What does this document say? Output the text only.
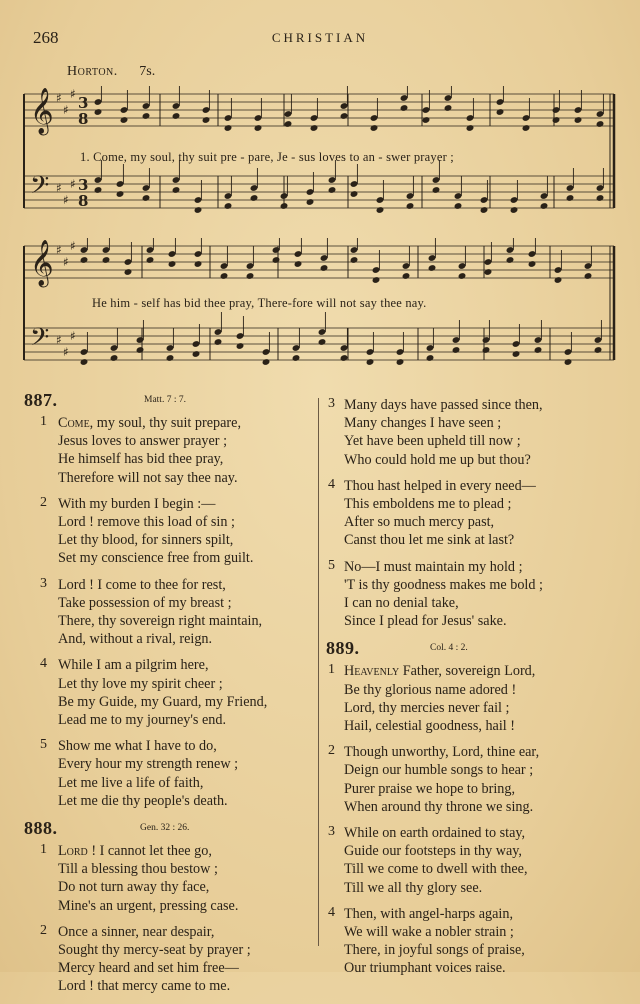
268	CHRISTIAN
Horton. 7s.
𝄞 ♯
♯
♯ 3
8
𝄢 ♯
♯
♯ 3
8
1. Come, my soul, thy suit pre - pare, Je - sus loves to an - swer prayer ;
𝄞 ♯
♯
♯
𝄢 ♯
♯
♯
He him - self has bid thee pray, There-fore will not say thee nay.
887.	Matt. 7 : 7.
1 Come, my soul, thy suit prepare,
Jesus loves to answer prayer ;
He himself has bid thee pray,
Therefore will not say thee nay.
2 With my burden I begin :—
Lord ! remove this load of sin ;
Let thy blood, for sinners spilt,
Set my conscience free from guilt.
3 Lord ! I come to thee for rest,
Take possession of my breast ;
There, thy sovereign right maintain,
And, without a rival, reign.
4 While I am a pilgrim here,
Let thy love my spirit cheer ;
Be my Guide, my Guard, my Friend,
Lead me to my journey's end.
5 Show me what I have to do,
Every hour my strength renew ;
Let me live a life of faith,
Let me die thy people's death.
888.	Gen. 32 : 26.
1 Lord ! I cannot let thee go,
Till a blessing thou bestow ;
Do not turn away thy face,
Mine's an urgent, pressing case.
2 Once a sinner, near despair,
Sought thy mercy-seat by prayer ;
Mercy heard and set him free—
Lord ! that mercy came to me.
3 Many days have passed since then,
Many changes I have seen ;
Yet have been upheld till now ;
Who could hold me up but thou?
4 Thou hast helped in every need—
This emboldens me to plead ;
After so much mercy past,
Canst thou let me sink at last?
5 No—I must maintain my hold ;
'T is thy goodness makes me bold ;
I can no denial take,
Since I plead for Jesus' sake.
889.	Col. 4 : 2.
1 Heavenly Father, sovereign Lord,
Be thy glorious name adored !
Lord, thy mercies never fail ;
Hail, celestial goodness, hail !
2 Though unworthy, Lord, thine ear,
Deign our humble songs to hear ;
Purer praise we hope to bring,
When around thy throne we sing.
3 While on earth ordained to stay,
Guide our footsteps in thy way,
Till we come to dwell with thee,
Till we all thy glory see.
4 Then, with angel-harps again,
We will wake a nobler strain ;
There, in joyful songs of praise,
Our triumphant voices raise.
